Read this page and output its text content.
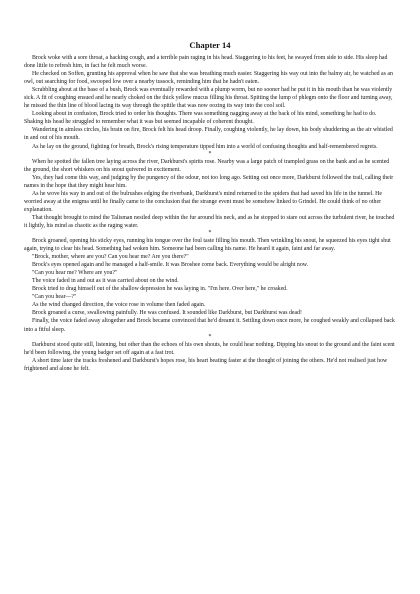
Chapter 14

Brock woke with a sore throat, a hacking cough, and a terrible pain raging in his head. Staggering to his feet, he swayed from side to side. His sleep had done little to refresh him, in fact he felt much worse.

He checked on Soffen, grunting his approval when he saw that she was breathing much easier. Staggering his way out into the balmy air, he watched as an owl, out searching for food, swooped low over a nearby tussock, reminding him that he hadn't eaten.

Scrabbling about at the base of a bush, Brock was eventually rewarded with a plump worm, but no sooner had he put it in his mouth than he was violently sick. A fit of coughing ensued and he nearly choked on the thick yellow mucus filling his throat. Spitting the lump of phlegm onto the floor and turning away, he missed the thin line of blood lacing its way through the spittle that was now oozing its way into the cool soil.

Looking about in confusion, Brock tried to order his thoughts. There was something nagging away at the back of his mind, something he had to do. Shaking his head he struggled to remember what it was but seemed incapable of coherent thought.

Wandering in aimless circles, his brain on fire, Brock felt his head droop. Finally, coughing violently, he lay down, his body shuddering as the air whistled in and out of his mouth.

As he lay on the ground, fighting for breath, Brock's rising temperature tipped him into a world of confusing thoughts and half-remembered regrets.

*

When he spotted the fallen tree laying across the river, Darkburst's spirits rose. Nearby was a large patch of trampled grass on the bank and as he scented the ground, the short whiskers on his snout quivered in excitement.

Yes, they had come this way, and judging by the pungency of the odour, not too long ago. Setting out once more, Darkburst followed the trail, calling their names in the hope that they might hear him.

As he wove his way in and out of the bulrushes edging the riverbank, Darkburst's mind returned to the spiders that had saved his life in the tunnel. He worried away at the enigma until he finally came to the conclusion that the strange event must be somehow linked to Grindel. He could think of no other explanation.

That thought brought to mind the Talisman nestled deep within the fur around his neck, and as he stopped to stare out across the turbulent river, he touched it lightly, his mind as chaotic as the raging water.

*

Brock groaned, opening his sticky eyes, running his tongue over the foul taste filling his mouth. Then wrinkling his snout, he squeezed his eyes tight shut again, trying to clear his head. Something had woken him. Someone had been calling his name. He heard it again, faint and far away.

"Brock, mother, where are you? Can you hear me? Are you there?"

Brock's eyes opened again and he managed a half-smile. It was Broshee come back. Everything would be alright now.

"Can you hear me? Where are you?"

The voice faded in and out as it was carried about on the wind.

Brock tried to drag himself out of the shallow depression he was laying in. "I'm here. Over here," he croaked.

"Can you hear—?"

As the wind changed direction, the voice rose in volume then faded again.

Brock groaned a curse, swallowing painfully. He was confused. It sounded like Darkburst, but Darkburst was dead!

Finally, the voice faded away altogether and Brock became convinced that he'd dreamt it. Settling down once more, he coughed weakly and collapsed back into a fitful sleep.

*

Darkburst stood quite still, listening, but other than the echoes of his own shouts, he could hear nothing. Dipping his snout to the ground and the faint scent he'd been following, the young badger set off again at a fast trot.

A short time later the tracks freshened and Darkburst's hopes rose, his heart beating faster at the thought of joining the others. He'd not realised just how frightened and alone he felt.
